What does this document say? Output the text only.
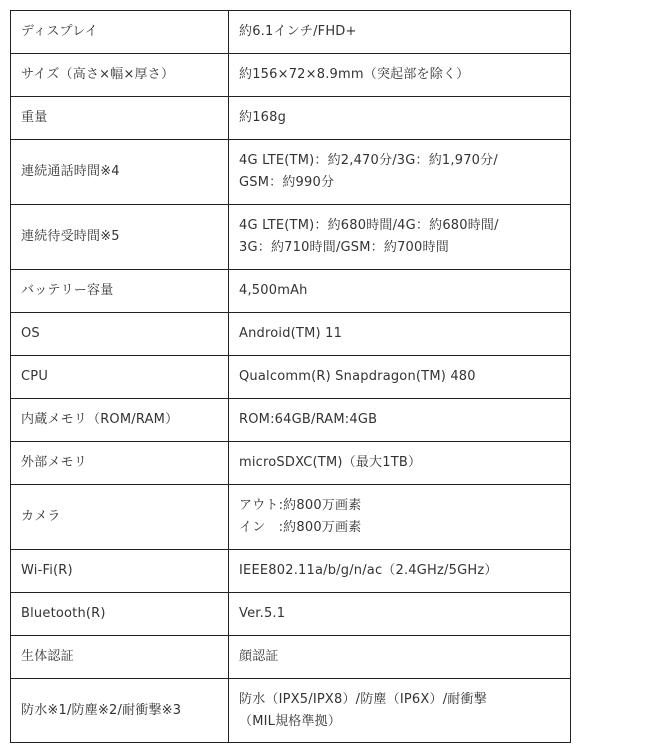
ディスプレイ	約6.1インチ/FHD+

サイズ（高さ×幅×厚さ）	約156×72×8.9mm（突起部を除く）

重量	約168g

連続通話時間※4	4G LTE(TM)：約2,470分/3G：約1,970分/
GSM：約990分

連続待受時間※5	4G LTE(TM)：約680時間/4G：約680時間/
3G：約710時間/GSM：約700時間

バッテリー容量	4,500mAh

OS	Android(TM) 11

CPU	Qualcomm(R) Snapdragon(TM) 480

内蔵メモリ（ROM/RAM）	ROM:64GB/RAM:4GB

外部メモリ	microSDXC(TM)（最大1TB）

カメラ	アウト:約800万画素
イン　:約800万画素

Wi-Fi(R)	IEEE802.11a/b/g/n/ac（2.4GHz/5GHz）

Bluetooth(R)	Ver.5.1

生体認証	顔認証

防水※1/防塵※2/耐衝撃※3	防水（IPX5/IPX8）/防塵（IP6X）/耐衝撃
（MIL規格準拠）
